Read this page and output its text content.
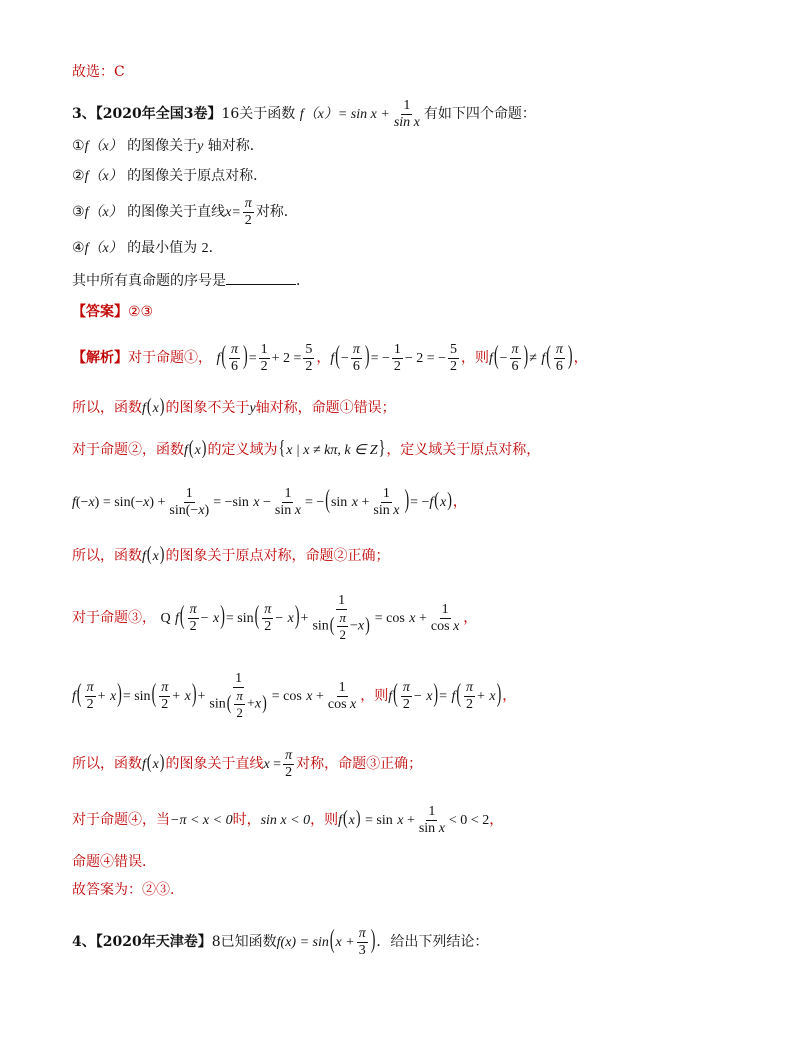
故选：C
3、【2020年全国3卷】16关于函数 $f(x)= \sin x + \frac{1}{\text{sin x}}$ 有如下四个命题：
①f（x） 的图像关于y 轴对称．
②f（x） 的图像关于原点对称．
③f（x） 的图像关于直线$x= \frac{\pi}{2}$ 对称．
④f（x） 的最小值为 2．
其中所有真命题的序号是	．
【答案】②③
【解析】对于命题①， $f( \frac{\pi}{6}$ )= $\frac{1}{2} + 2 = \frac{5}{2}$ ，$f(- \frac{\pi}{6}$ )= − $\frac{1}{2} - 2$ = − $\frac{5}{2}$ ，则$f(- \frac{\pi}{6}$ )≠ $f( \frac{\pi}{6}$ )，
所以，函数f(x)的图象不关于y轴对称，命题①错误；
对于命题②，函数f(x)的定义域为{x | x ≠ kπ, k ∈ Z}，定义域关于原点对称，
$f(-x) = \sin(-x) + \frac{1}{\sin(-x)} = -\sin$ $x - \frac{1}{\text{sin x}} = -(\sin$ $x + \frac{1}{\text{sin x}}$ )= −f(x)，
所以，函数f(x)的图象关于原点对称，命题②正确；
对于命题③， Q $f( \frac{\pi}{2} - x)= \sin( \frac{\pi}{2} - x)+ \frac{1}{\sin( \frac{\pi}{2} -x)} = \cos x + \frac{1}{\text{cos x}}$ ，
$f( \frac{\pi}{2} + x)= \sin( \frac{\pi}{2} + x)+ \frac{1}{\sin( \frac{\pi}{2} +x)} = \cos x + \frac{1}{\text{cos x}}$ ，则$f( \frac{\pi}{2} - x)= f( \frac{\pi}{2} + x)$，
所以，函数f(x)的图象关于直线$x = \frac{\pi}{2}$ 对称，命题③正确；
对于命题④，当−π < x < 0时，sin x < 0，则$f(x) = \sin x + \frac{1}{\text{sin x}} < 0 < 2$，
命题④错误.
故答案为：②③.
4、【2020年天津卷】8已知函数$f(x) = \sin(x + \frac{\pi}{3}$ )．给出下列结论：
